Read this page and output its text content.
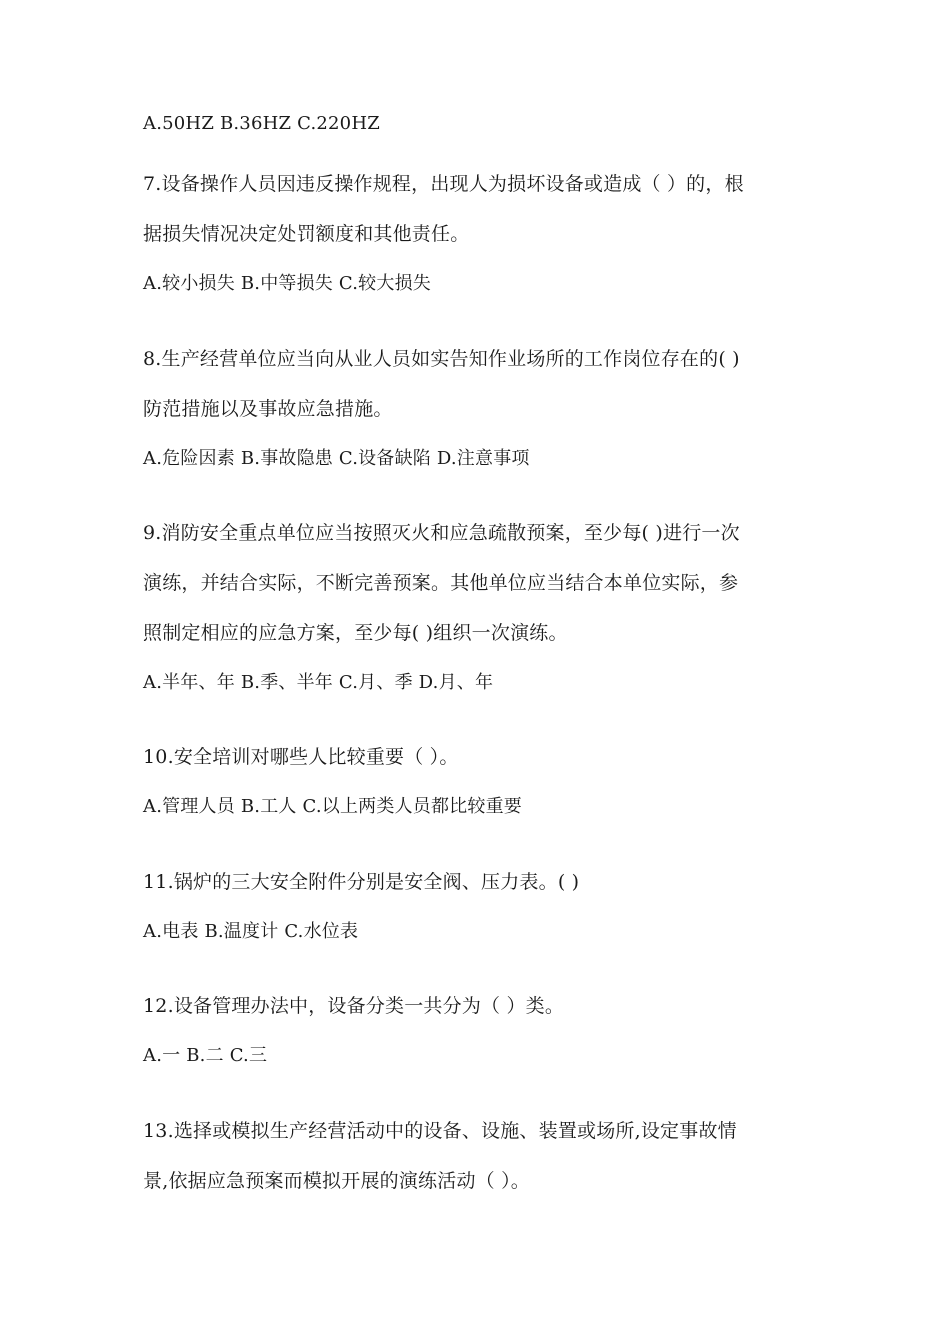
A.50HZ B.36HZ C.220HZ
7.设备操作人员因违反操作规程，出现人为损坏设备或造成（ ）的，根
据损失情况决定处罚额度和其他责任。
A.较小损失 B.中等损失 C.较大损失
8.生产经营单位应当向从业人员如实告知作业场所的工作岗位存在的( )
防范措施以及事故应急措施。
A.危险因素 B.事故隐患 C.设备缺陷 D.注意事项
9.消防安全重点单位应当按照灭火和应急疏散预案，至少每( )进行一次
演练，并结合实际，不断完善预案。其他单位应当结合本单位实际，参
照制定相应的应急方案，至少每( )组织一次演练。
A.半年、年 B.季、半年 C.月、季 D.月、年
10.安全培训对哪些人比较重要（ ）。
A.管理人员 B.工人 C.以上两类人员都比较重要
11.锅炉的三大安全附件分别是安全阀、压力表。( )
A.电表 B.温度计 C.水位表
12.设备管理办法中，设备分类一共分为（ ）类。
A.一 B.二 C.三
13.选择或模拟生产经营活动中的设备、设施、装置或场所,设定事故情
景,依据应急预案而模拟开展的演练活动（ ）。
